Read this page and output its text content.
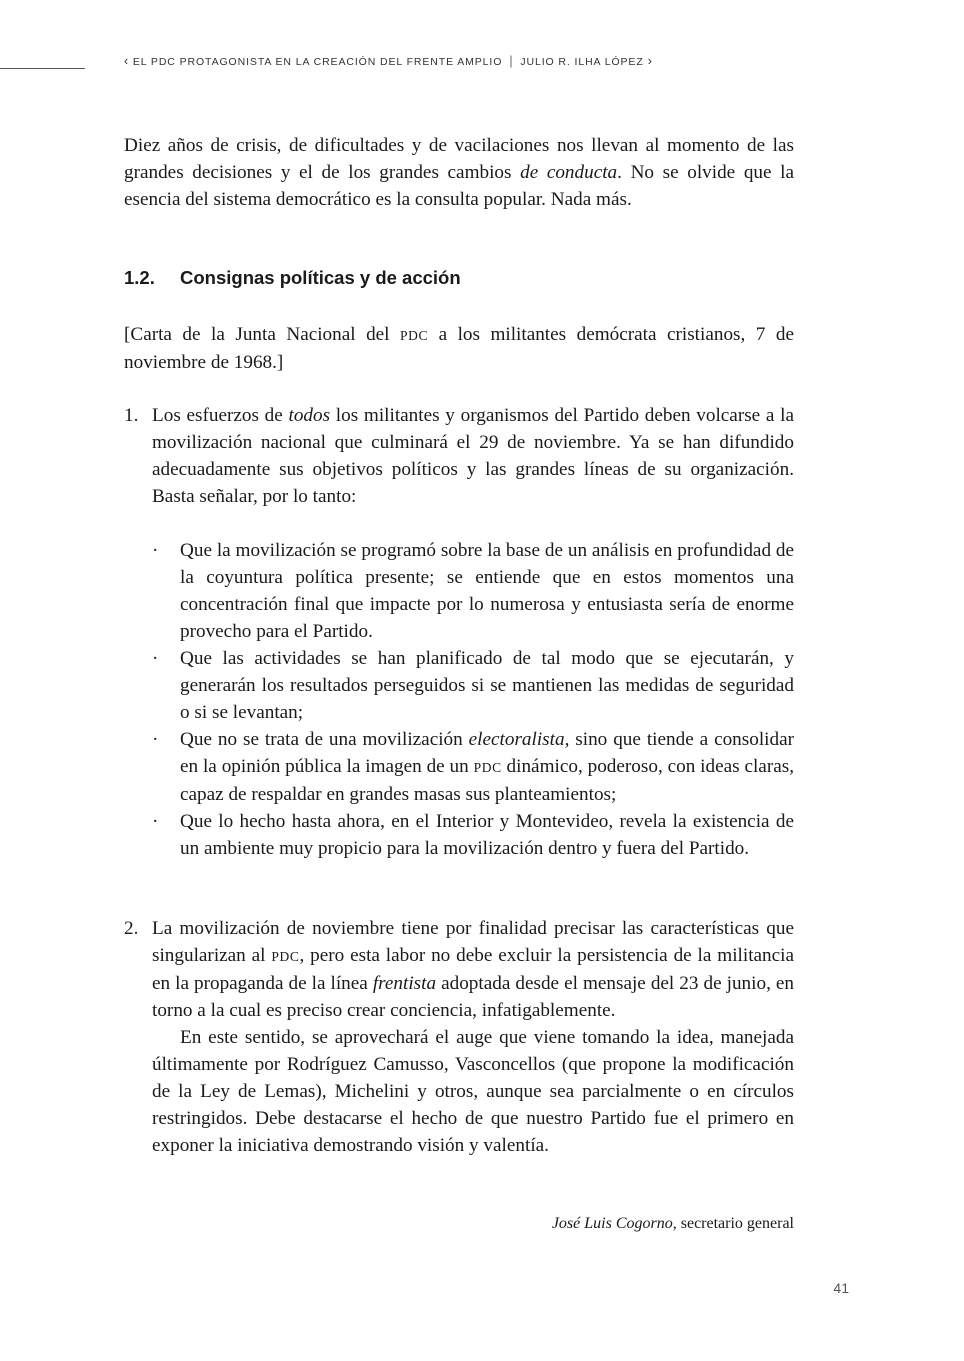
‹ EL PDC PROTAGONISTA EN LA CREACIÓN DEL FRENTE AMPLIO | JULIO R. ILHA LÓPEZ ›

Diez años de crisis, de dificultades y de vacilaciones nos llevan al momento de las grandes decisiones y el de los grandes cambios de conducta. No se olvide que la esencia del sistema democrático es la consulta popular. Nada más.

1.2. Consignas políticas y de acción

[Carta de la Junta Nacional del PDC a los militantes demócrata cristianos, 7 de noviembre de 1968.]

1. Los esfuerzos de todos los militantes y organismos del Partido deben volcarse a la movilización nacional que culminará el 29 de noviembre. Ya se han difundido adecuadamente sus objetivos políticos y las grandes líneas de su organización. Basta señalar, por lo tanto:

· Que la movilización se programó sobre la base de un análisis en profundidad de la coyuntura política presente; se entiende que en estos momentos una concentración final que impacte por lo numerosa y entusiasta sería de enorme provecho para el Partido.
· Que las actividades se han planificado de tal modo que se ejecutarán, y generarán los resultados perseguidos si se mantienen las medidas de seguridad o si se levantan;
· Que no se trata de una movilización electoralista, sino que tiende a consolidar en la opinión pública la imagen de un PDC dinámico, poderoso, con ideas claras, capaz de respaldar en grandes masas sus planteamientos;
· Que lo hecho hasta ahora, en el Interior y Montevideo, revela la existencia de un ambiente muy propicio para la movilización dentro y fuera del Partido.
2. La movilización de noviembre tiene por finalidad precisar las características que singularizan al PDC, pero esta labor no debe excluir la persistencia de la militancia en la propaganda de la línea frentista adoptada desde el mensaje del 23 de junio, en torno a la cual es preciso crear conciencia, infatigablemente.

En este sentido, se aprovechará el auge que viene tomando la idea, manejada últimamente por Rodríguez Camusso, Vasconcellos (que propone la modificación de la Ley de Lemas), Michelini y otros, aunque sea parcialmente o en círculos restringidos. Debe destacarse el hecho de que nuestro Partido fue el primero en exponer la iniciativa demostrando visión y valentía.

José Luis Cogorno, secretario general
41
